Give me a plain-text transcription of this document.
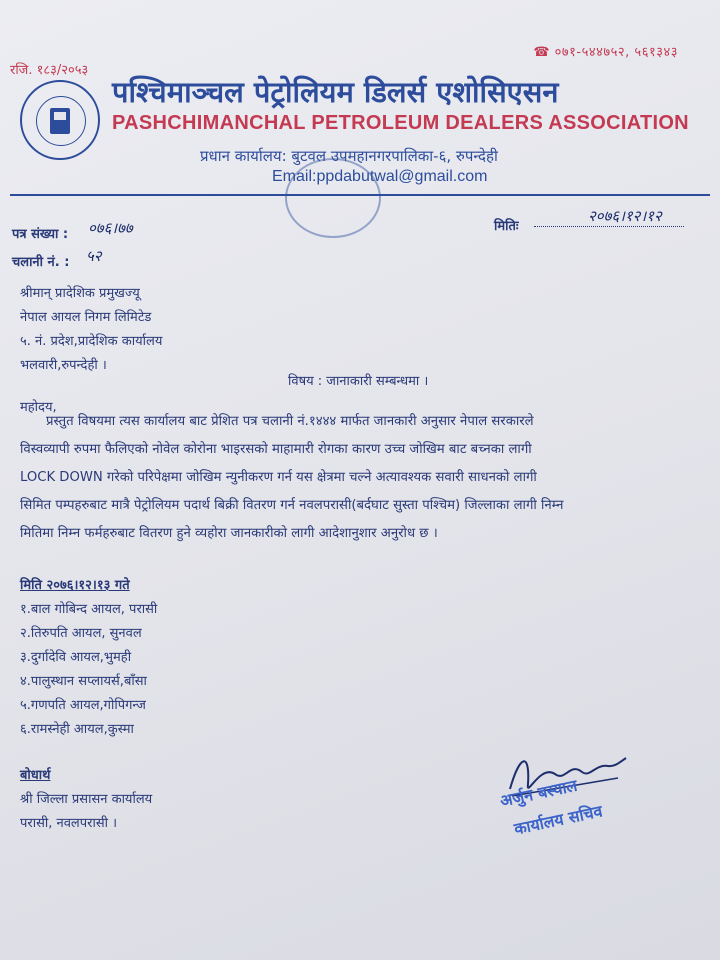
रजि. १८३/२०५३
☎ ०७१-५४४७५२, ५६१३४३
पश्चिमाञ्चल पेट्रोलियम डिलर्स एशोसिएसन
PASHCHIMANCHAL PETROLEUM DEALERS ASSOCIATION
प्रधान कार्यालय: बुटवल उपमहानगरपालिका-६, रुपन्देही
Email:ppdabutwal@gmail.com
पत्र संख्या : ०७६।७७
चलानी नं. : ५२
मितिः
२०७६।१२।१२
श्रीमान् प्रादेशिक प्रमुखज्यू
नेपाल आयल निगम लिमिटेड
५. नं. प्रदेश,प्रादेशिक कार्यालय
भलवारी,रुपन्देही ।
विषय : जानाकारी सम्बन्धमा ।
महोदय,
प्रस्तुत विषयमा त्यस कार्यालय बाट प्रेशित पत्र चलानी नं.१४४४ मार्फत जानकारी अनुसार नेपाल सरकारले
विस्वव्यापी रुपमा फैलिएको नोवेल कोरोना भाइरसको माहामारी रोगका कारण उच्च जोखिम बाट बच्नका लागी
LOCK DOWN गरेको परिपेक्षमा जोखिम न्युनीकरण गर्न यस क्षेत्रमा चल्ने अत्यावश्यक सवारी साधनको लागी
सिमित पम्पहरुबाट मात्रै पेट्रोलियम पदार्थ बिक्री वितरण गर्न नवलपरासी(बर्दघाट सुस्ता पश्चिम) जिल्लाका लागी निम्न
मितिमा निम्न फर्महरुबाट वितरण हुने व्यहोरा जानकारीको लागी आदेशानुशार अनुरोध छ ।
मिति २०७६।१२।१३ गते
१.बाल गोबिन्द आयल, परासी
२.तिरुपति आयल, सुनवल
३.दुर्गादेवि आयल,भुमही
४.पालुस्थान सप्लायर्स,बाँसा
५.गणपति आयल,गोपिगन्ज
६.रामस्नेही आयल,कुस्मा
बोधार्थ
श्री जिल्ला प्रसासन कार्यालय
परासी, नवलपरासी ।
अर्जुन बस्याल
कार्यालय सचिव
